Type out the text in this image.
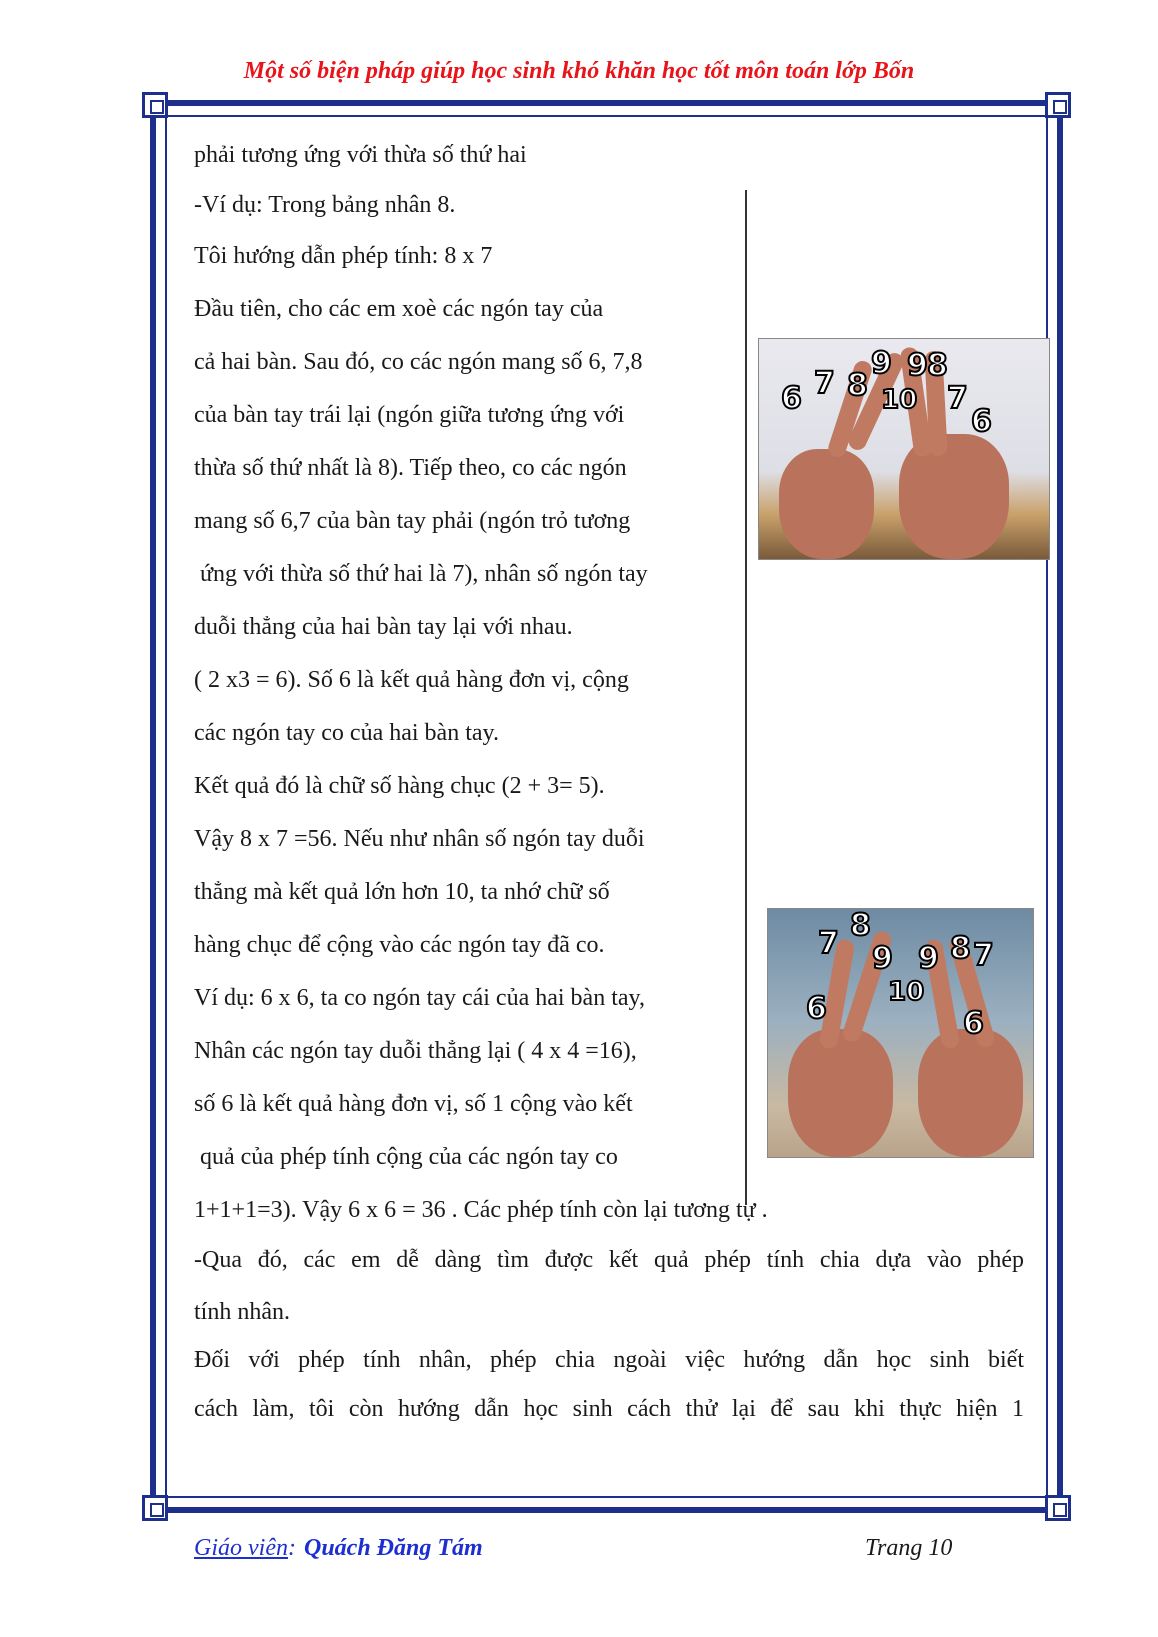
Một số biện pháp giúp học sinh khó khăn học tốt môn toán lớp Bốn
phải tương ứng với thừa số thứ hai
-Ví dụ: Trong bảng nhân 8.
Tôi hướng dẫn phép tính: 8 x 7
Đầu tiên, cho các em xoè các ngón tay của
cả hai bàn. Sau đó, co các ngón mang số 6, 7,8
của bàn tay trái lại (ngón giữa tương ứng với
thừa số thứ nhất là 8). Tiếp theo, co các ngón
mang số 6,7 của bàn tay phải (ngón trỏ tương
ứng với thừa số thứ hai là 7), nhân số ngón tay
duỗi thẳng của hai bàn tay lại với nhau.
( 2 x3 = 6). Số 6 là kết quả hàng đơn vị, cộng
các ngón tay co của hai bàn tay.
Kết quả đó là chữ số hàng chục (2 + 3= 5).
Vậy 8 x 7 =56. Nếu như nhân số ngón tay duỗi
thẳng mà kết quả lớn hơn 10, ta nhớ chữ số
hàng chục để cộng vào các ngón tay đã co.
Ví dụ: 6 x 6, ta co ngón tay cái của hai bàn tay,
Nhân các ngón tay duỗi thẳng lại ( 4 x 4 =16),
số 6 là kết quả hàng đơn vị, số 1 cộng vào kết
quả của phép tính cộng của các ngón tay co
1+1+1=3). Vậy 6 x 6 = 36 . Các phép tính còn lại tương tự .
-Qua đó, các em dễ dàng tìm được kết quả phép tính chia dựa vào phép
tính nhân.
Đối với phép tính nhân, phép chia ngoài việc hướng dẫn học sinh biết
cách làm, tôi còn hướng dẫn học sinh cách thử lại để sau khi thực hiện 1
6 7 8
9
10
9 8
7
6
7
8
6
9
10
9 8 7
6
Giáo viên: Quách Đăng Tám	Trang 10
